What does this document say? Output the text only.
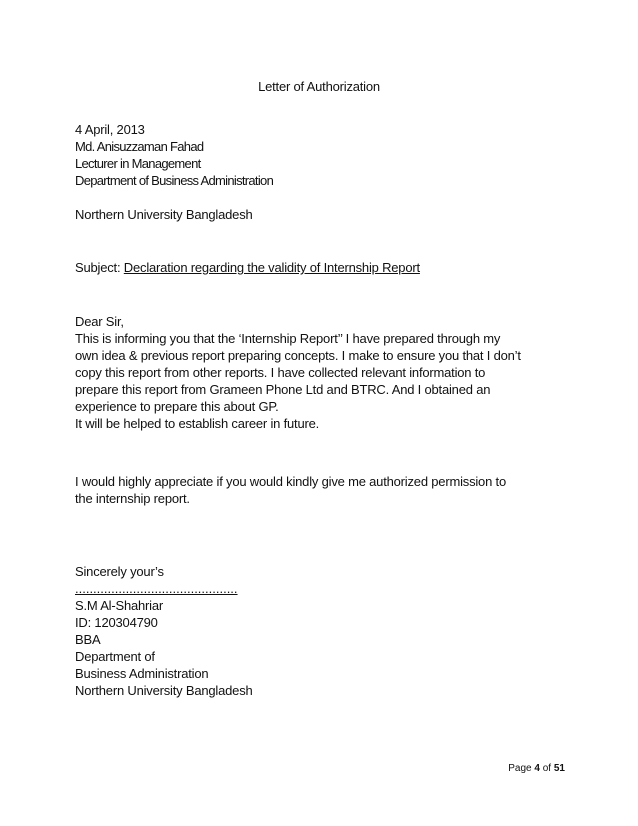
Letter of Authorization
4 April, 2013
Md. Anisuzzaman Fahad
Lecturer in Management
Department of Business Administration
Northern University Bangladesh
Subject: Declaration regarding the validity of Internship Report
Dear Sir,
This is informing you that the ‘Internship Report’’ I have prepared through my
own idea & previous report preparing concepts. I make to ensure you that I don’t
copy this report from other reports. I have collected relevant information to
prepare this report from Grameen Phone Ltd and BTRC. And I obtained an
experience to prepare this about GP.
It will be helped to establish career in future.
I would highly appreciate if you would kindly give me authorized permission to
the internship report.
Sincerely your’s
.............................................
S.M Al-Shahriar
ID: 120304790
BBA
Department of
Business Administration
Northern University Bangladesh
Page 4 of 51
